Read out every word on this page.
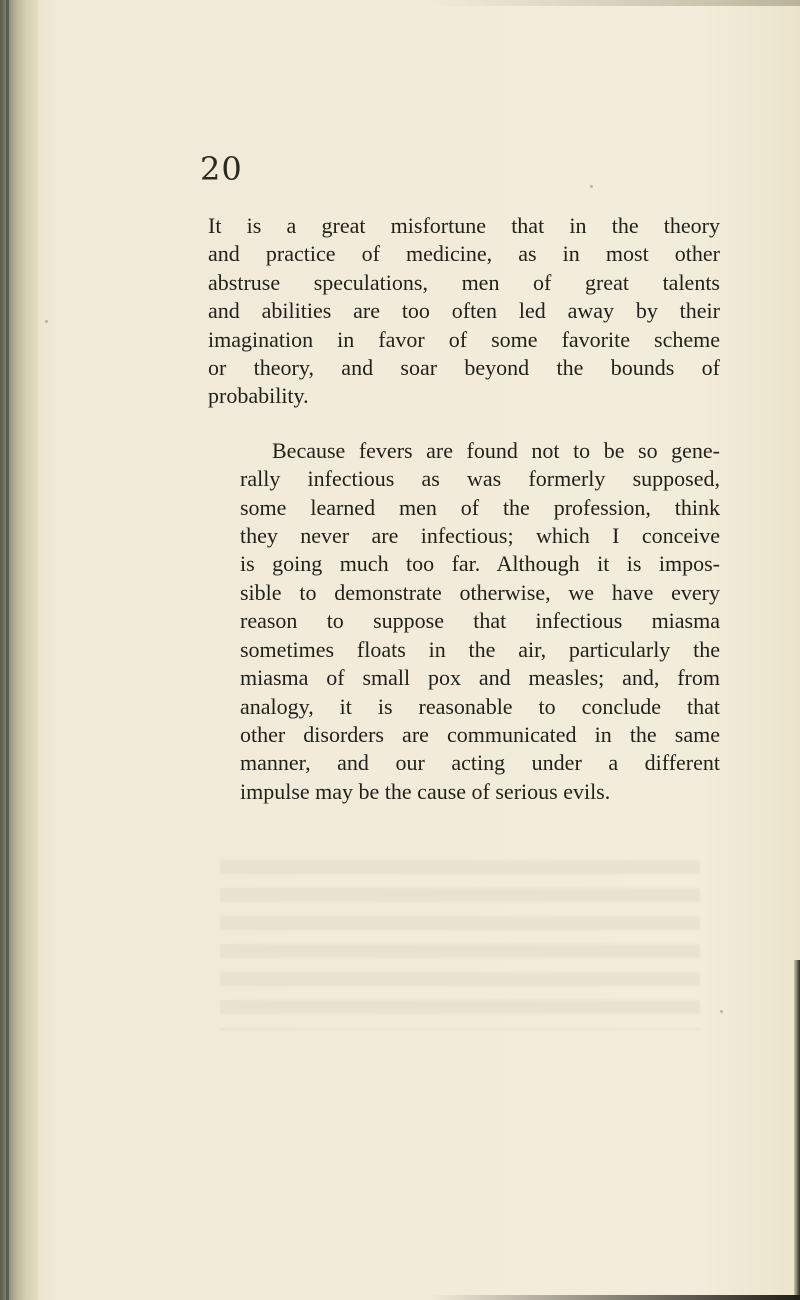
20

It is a great misfortune that in the theory
and practice of medicine, as in most other
abstruse speculations, men of great talents
and abilities are too often led away by their
imagination in favor of some favorite scheme
or theory, and soar beyond the bounds of
probability.

Because fevers are found not to be so gene-
rally infectious as was formerly supposed,
some learned men of the profession, think
they never are infectious; which I conceive
is going much too far. Although it is impos-
sible to demonstrate otherwise, we have every
reason to suppose that infectious miasma
sometimes floats in the air, particularly the
miasma of small pox and measles; and, from
analogy, it is reasonable to conclude that
other disorders are communicated in the same
manner, and our acting under a different
impulse may be the cause of serious evils.
